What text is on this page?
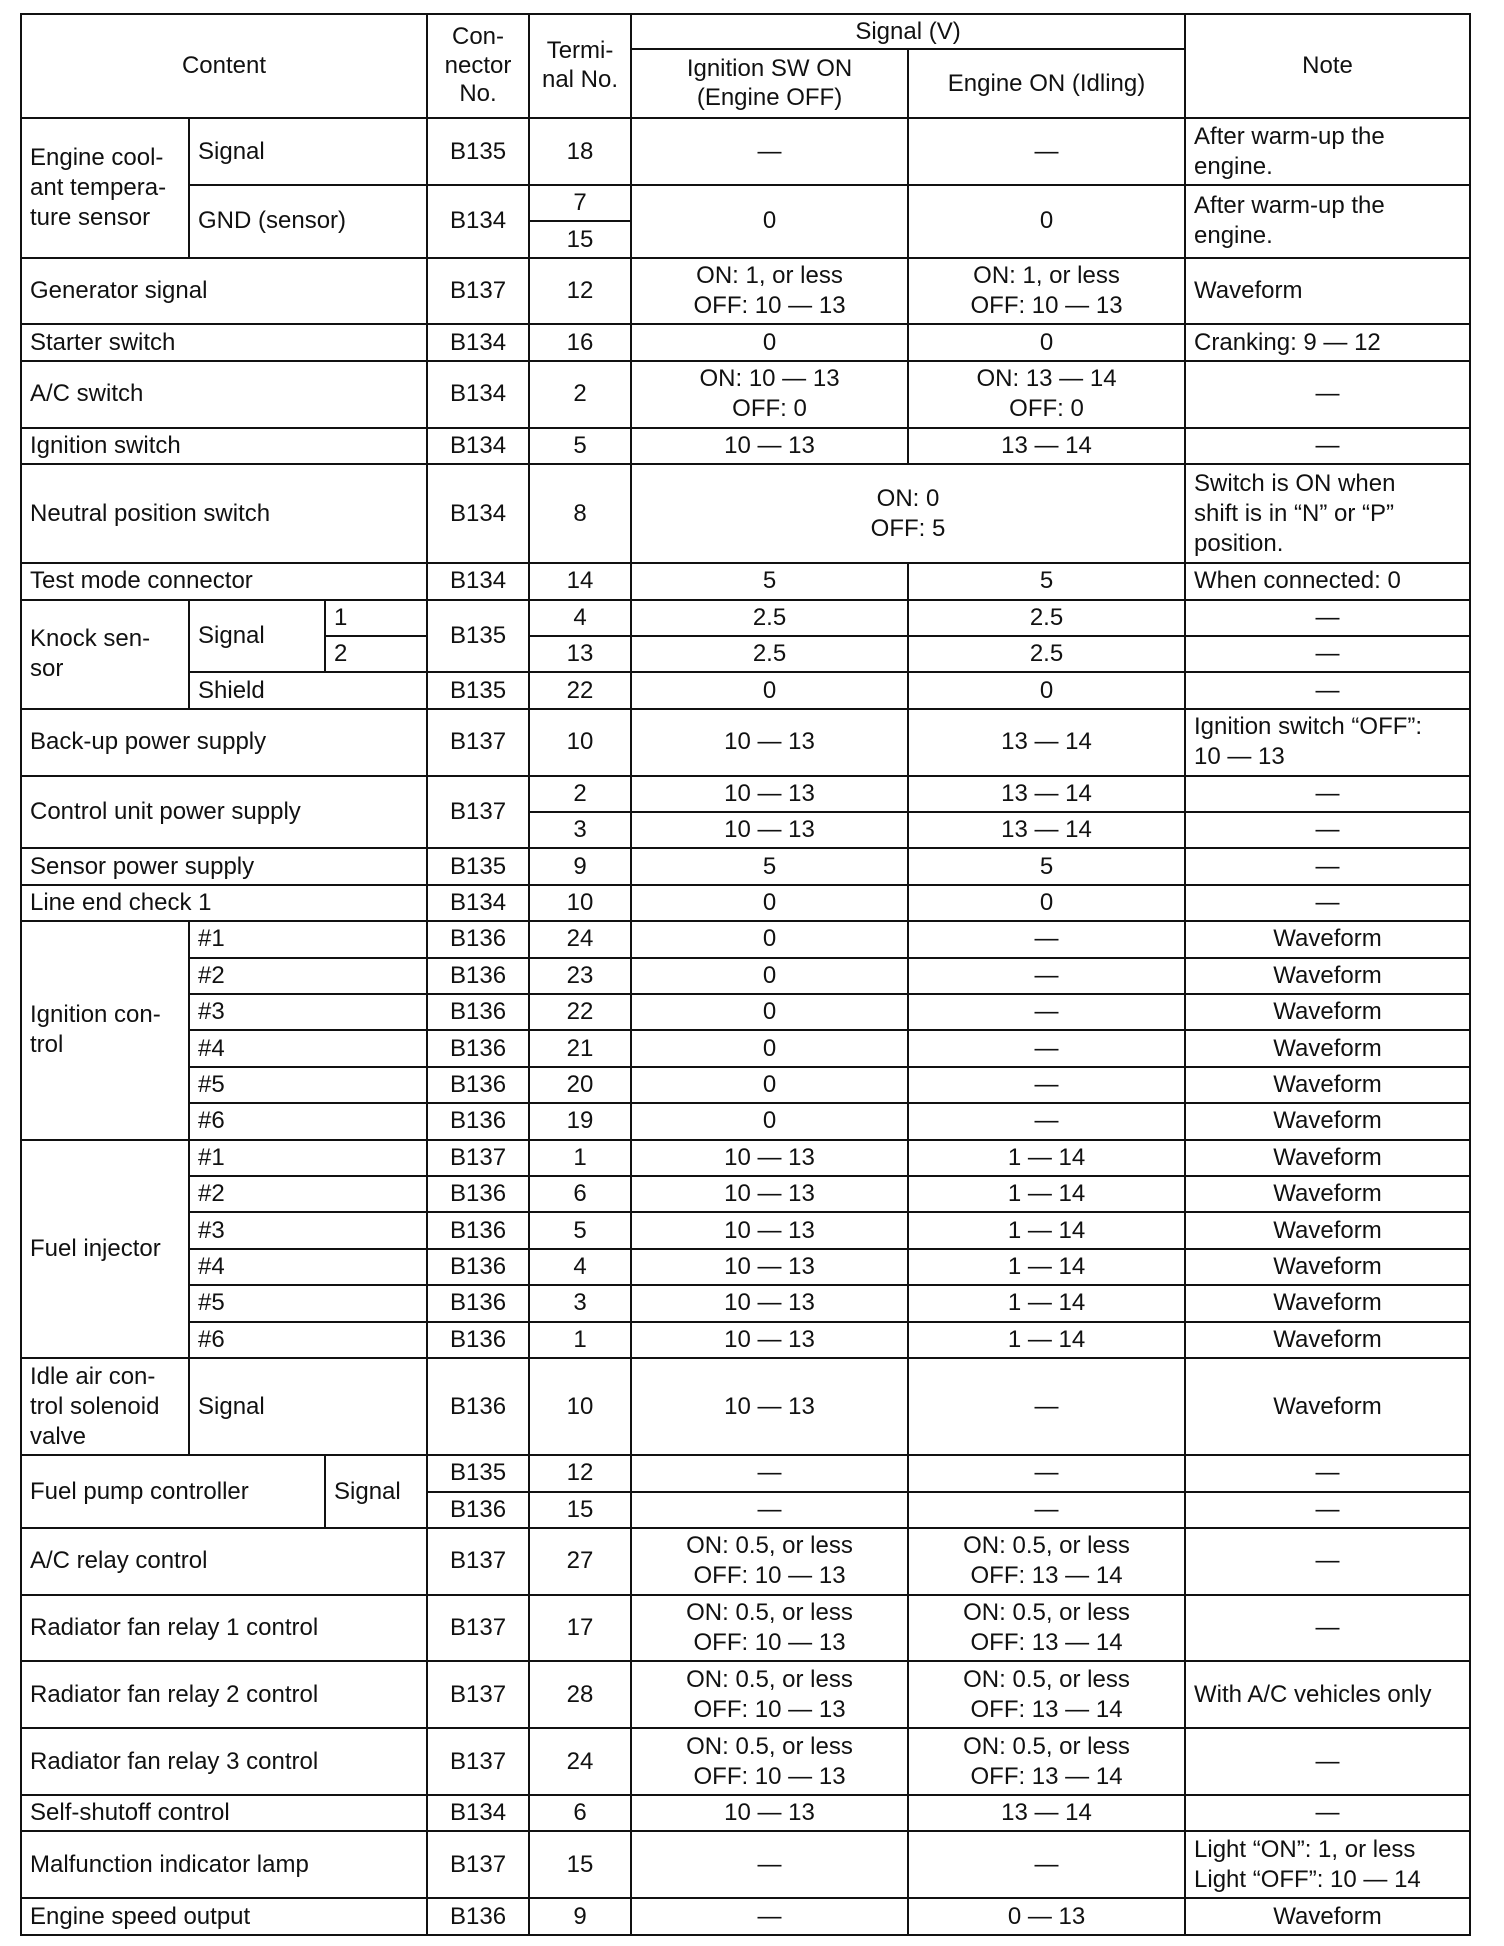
Content			Con-
nector
No.	Termi-
nal No.	Signal (V)		Note
					Ignition SW ON
(Engine OFF)	Engine ON (Idling)	
Engine cool-
ant tempera-
ture sensor	Signal		B135	18	—	—	After warm-up the
engine.
	GND (sensor)		B134	7	0	0	After warm-up the
engine.
				15			
Generator signal			B137	12	ON: 1, or less
OFF: 10 — 13	ON: 1, or less
OFF: 10 — 13	Waveform
Starter switch			B134	16	0	0	Cranking: 9 — 12
A/C switch			B134	2	ON: 10 — 13
OFF: 0	ON: 13 — 14
OFF: 0	—
Ignition switch			B134	5	10 — 13	13 — 14	—
Neutral position switch			B134	8	ON: 0
OFF: 5		Switch is ON when
shift is in “N” or “P”
position.
Test mode connector			B134	14	5	5	When connected: 0
Knock sen-
sor	Signal	1	B135	4	2.5	2.5	—
		2		13	2.5	2.5	—
	Shield		B135	22	0	0	—
Back-up power supply			B137	10	10 — 13	13 — 14	Ignition switch “OFF”:
10 — 13
Control unit power supply			B137	2	10 — 13	13 — 14	—
				3	10 — 13	13 — 14	—
Sensor power supply			B135	9	5	5	—
Line end check 1			B134	10	0	0	—
Ignition con-
trol	#1		B136	24	0	—	Waveform
	#2		B136	23	0	—	Waveform
	#3		B136	22	0	—	Waveform
	#4		B136	21	0	—	Waveform
	#5		B136	20	0	—	Waveform
	#6		B136	19	0	—	Waveform
Fuel injector	#1		B137	1	10 — 13	1 — 14	Waveform
	#2		B136	6	10 — 13	1 — 14	Waveform
	#3		B136	5	10 — 13	1 — 14	Waveform
	#4		B136	4	10 — 13	1 — 14	Waveform
	#5		B136	3	10 — 13	1 — 14	Waveform
	#6		B136	1	10 — 13	1 — 14	Waveform
Idle air con-
trol solenoid
valve	Signal		B136	10	10 — 13	—	Waveform
Fuel pump controller		Signal	B135	12	—	—	—
			B136	15	—	—	—
A/C relay control			B137	27	ON: 0.5, or less
OFF: 10 — 13	ON: 0.5, or less
OFF: 13 — 14	—
Radiator fan relay 1 control			B137	17	ON: 0.5, or less
OFF: 10 — 13	ON: 0.5, or less
OFF: 13 — 14	—
Radiator fan relay 2 control			B137	28	ON: 0.5, or less
OFF: 10 — 13	ON: 0.5, or less
OFF: 13 — 14	With A/C vehicles only
Radiator fan relay 3 control			B137	24	ON: 0.5, or less
OFF: 10 — 13	ON: 0.5, or less
OFF: 13 — 14	—
Self-shutoff control			B134	6	10 — 13	13 — 14	—
Malfunction indicator lamp			B137	15	—	—	Light “ON”: 1, or less
Light “OFF”: 10 — 14
Engine speed output			B136	9	—	0 — 13	Waveform
